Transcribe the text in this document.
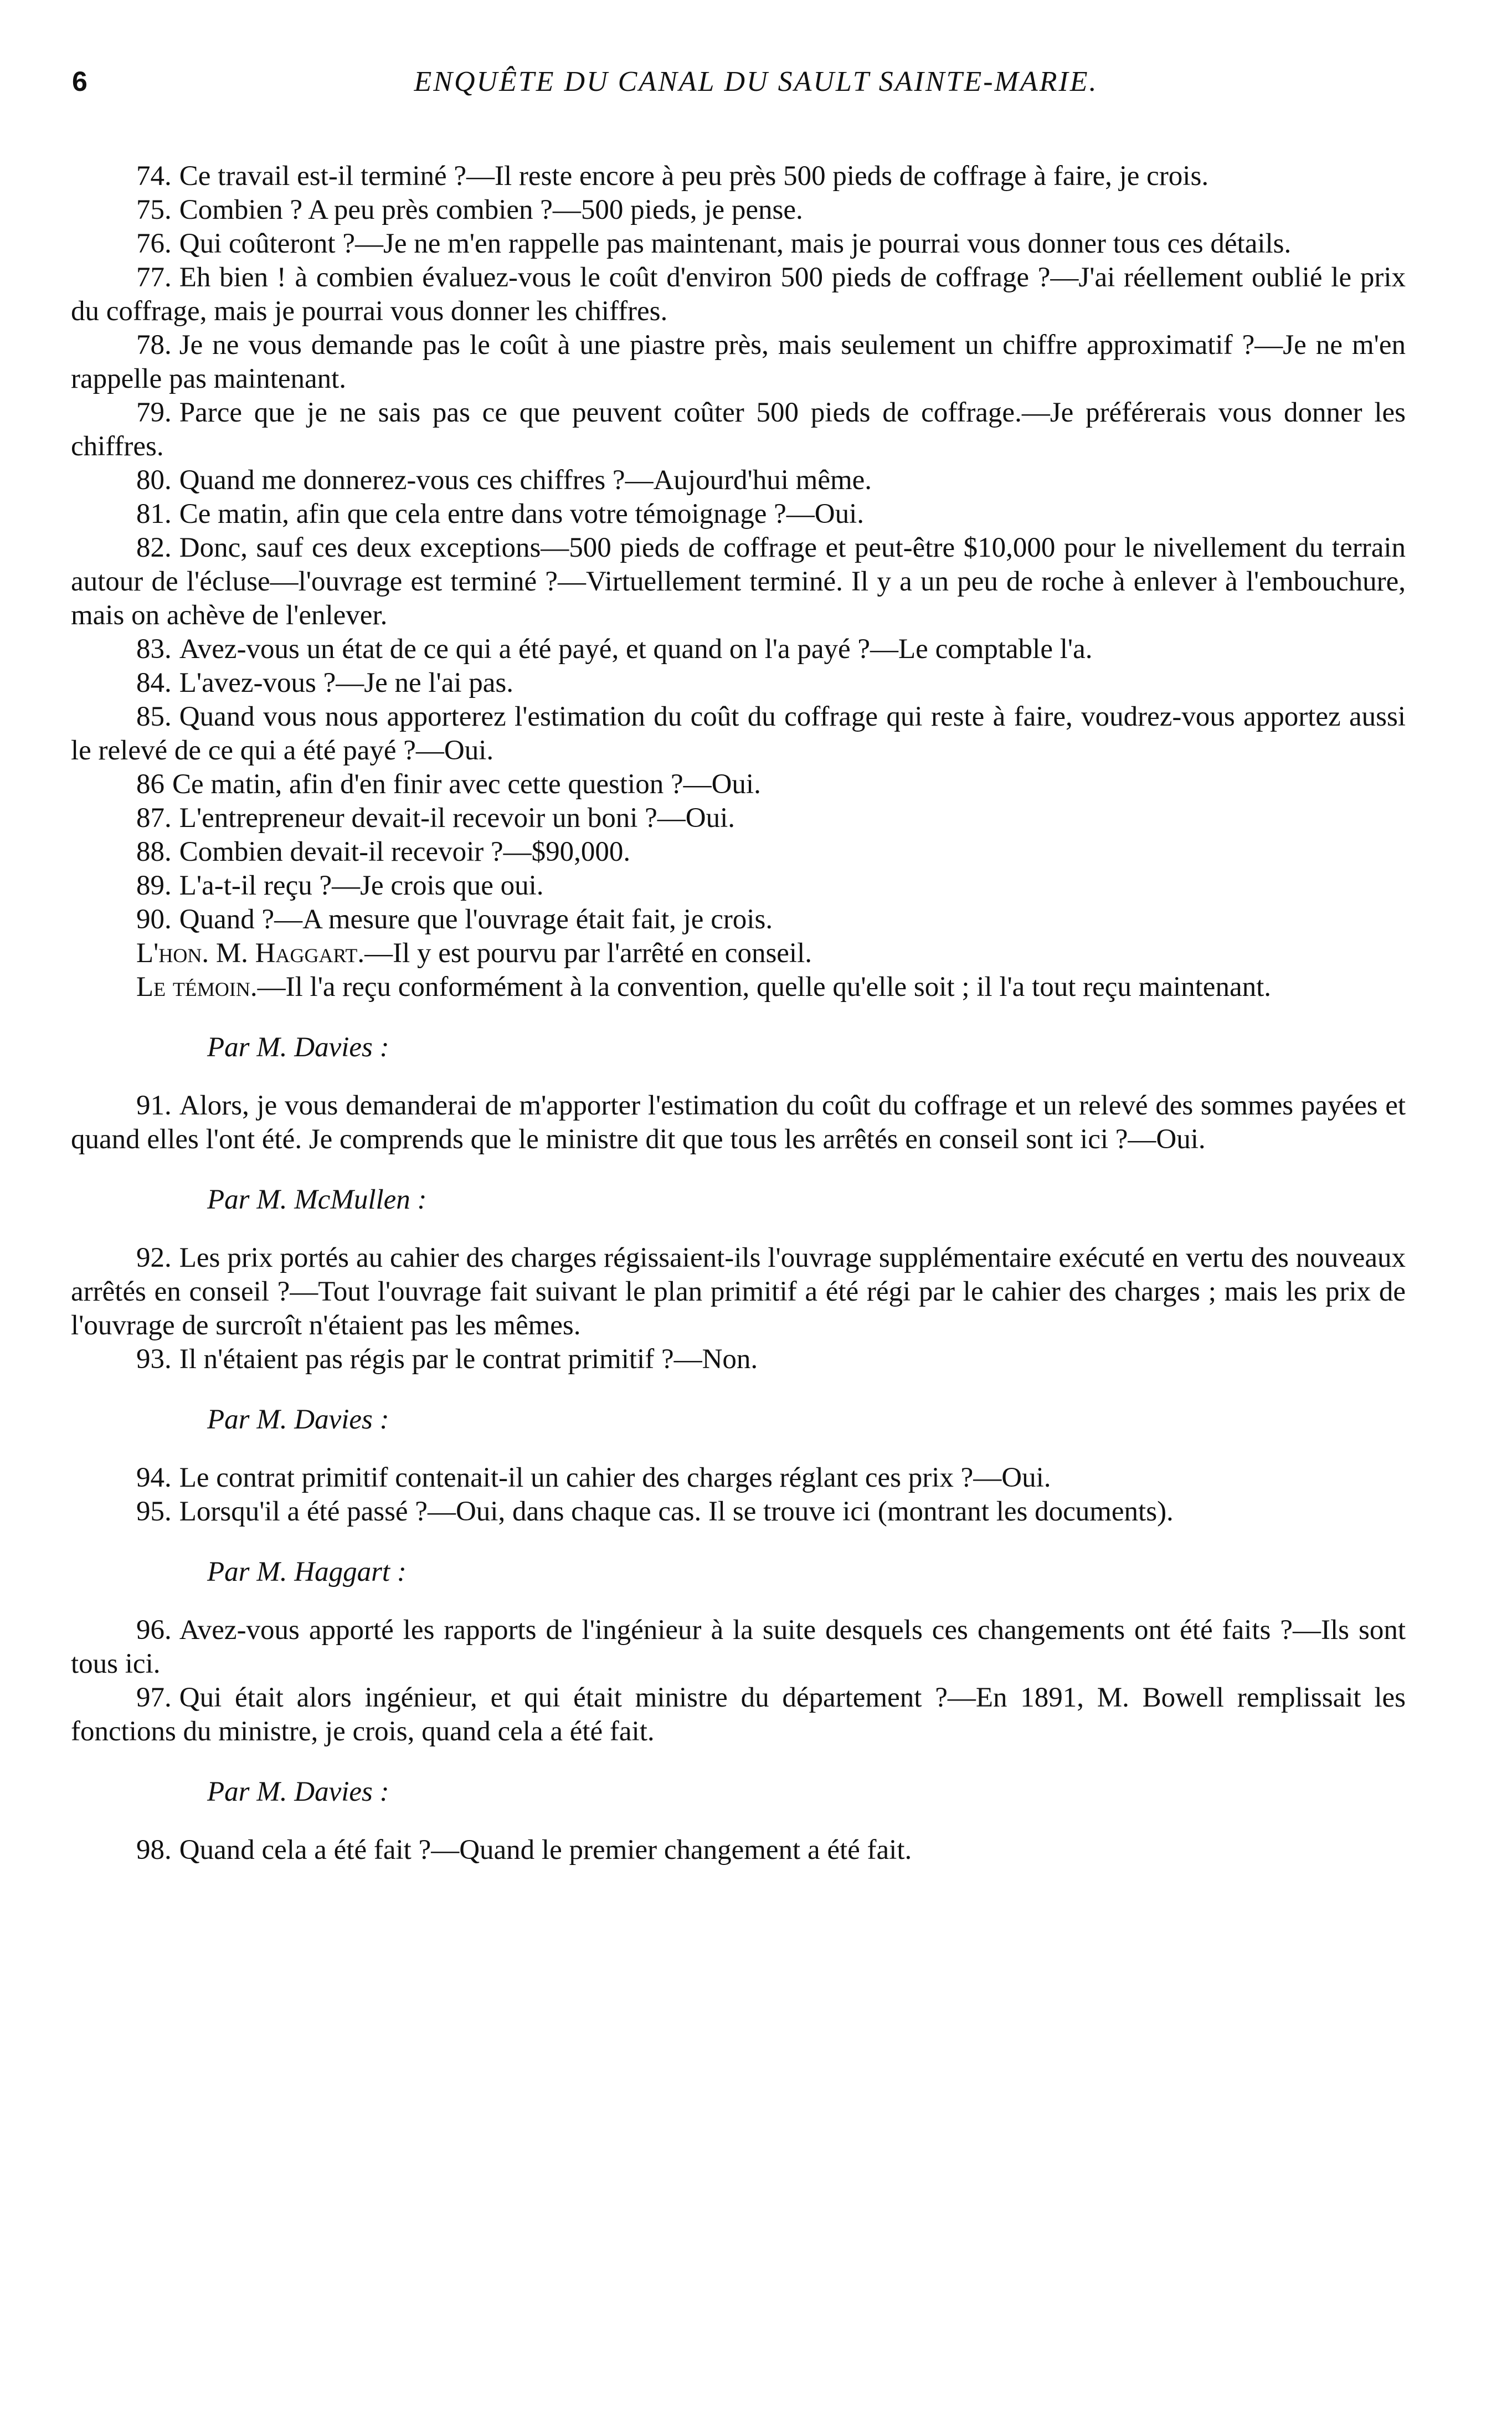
6	ENQUÊTE DU CANAL DU SAULT SAINTE-MARIE.

74. Ce travail est-il terminé ?—Il reste encore à peu près 500 pieds de coffrage à faire, je crois.

75. Combien ? A peu près combien ?—500 pieds, je pense.

76. Qui coûteront ?—Je ne m'en rappelle pas maintenant, mais je pourrai vous donner tous ces détails.

77. Eh bien ! à combien évaluez-vous le coût d'environ 500 pieds de coffrage ?—J'ai réellement oublié le prix du coffrage, mais je pourrai vous donner les chiffres.

78. Je ne vous demande pas le coût à une piastre près, mais seulement un chiffre approximatif ?—Je ne m'en rappelle pas maintenant.

79. Parce que je ne sais pas ce que peuvent coûter 500 pieds de coffrage.—Je préférerais vous donner les chiffres.

80. Quand me donnerez-vous ces chiffres ?—Aujourd'hui même.

81. Ce matin, afin que cela entre dans votre témoignage ?—Oui.

82. Donc, sauf ces deux exceptions—500 pieds de coffrage et peut-être $10,000 pour le nivellement du terrain autour de l'écluse—l'ouvrage est terminé ?—Virtuellement terminé. Il y a un peu de roche à enlever à l'embouchure, mais on achève de l'enlever.

83. Avez-vous un état de ce qui a été payé, et quand on l'a payé ?—Le comptable l'a.

84. L'avez-vous ?—Je ne l'ai pas.

85. Quand vous nous apporterez l'estimation du coût du coffrage qui reste à faire, voudrez-vous apportez aussi le relevé de ce qui a été payé ?—Oui.

86 Ce matin, afin d'en finir avec cette question ?—Oui.

87. L'entrepreneur devait-il recevoir un boni ?—Oui.

88. Combien devait-il recevoir ?—$90,000.

89. L'a-t-il reçu ?—Je crois que oui.

90. Quand ?—A mesure que l'ouvrage était fait, je crois.

L'hon. M. Haggart.—Il y est pourvu par l'arrêté en conseil.

Le témoin.—Il l'a reçu conformément à la convention, quelle qu'elle soit ; il l'a tout reçu maintenant.

Par M. Davies :

91. Alors, je vous demanderai de m'apporter l'estimation du coût du coffrage et un relevé des sommes payées et quand elles l'ont été. Je comprends que le ministre dit que tous les arrêtés en conseil sont ici ?—Oui.

Par M. McMullen :

92. Les prix portés au cahier des charges régissaient-ils l'ouvrage supplémentaire exécuté en vertu des nouveaux arrêtés en conseil ?—Tout l'ouvrage fait suivant le plan primitif a été régi par le cahier des charges ; mais les prix de l'ouvrage de surcroît n'étaient pas les mêmes.

93. Il n'étaient pas régis par le contrat primitif ?—Non.

Par M. Davies :

94. Le contrat primitif contenait-il un cahier des charges réglant ces prix ?—Oui.

95. Lorsqu'il a été passé ?—Oui, dans chaque cas. Il se trouve ici (montrant les documents).

Par M. Haggart :

96. Avez-vous apporté les rapports de l'ingénieur à la suite desquels ces changements ont été faits ?—Ils sont tous ici.

97. Qui était alors ingénieur, et qui était ministre du département ?—En 1891, M. Bowell remplissait les fonctions du ministre, je crois, quand cela a été fait.

Par M. Davies :

98. Quand cela a été fait ?—Quand le premier changement a été fait.
